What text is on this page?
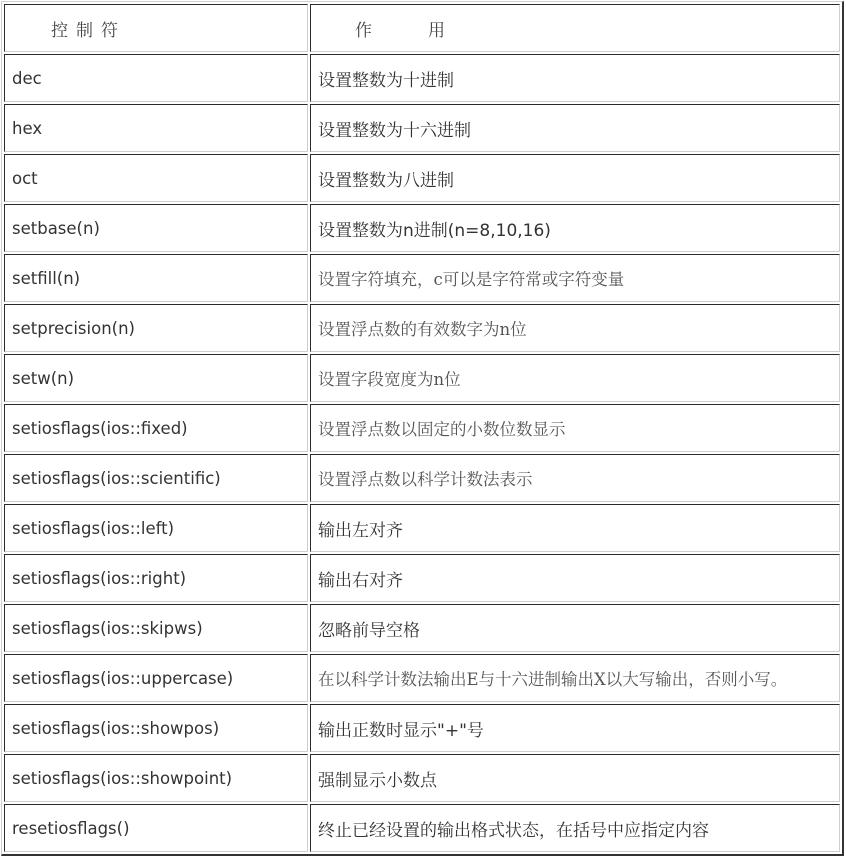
控制符	作 用
dec	设置整数为十进制
hex	设置整数为十六进制
oct	设置整数为八进制
setbase(n)	设置整数为n进制(n=8,10,16)
setfill(n)	设置字符填充，c可以是字符常或字符变量
setprecision(n)	设置浮点数的有效数字为n位
setw(n)	设置字段宽度为n位
setiosflags(ios::fixed)	设置浮点数以固定的小数位数显示
setiosflags(ios::scientific)	设置浮点数以科学计数法表示
setiosflags(ios::left)	输出左对齐
setiosflags(ios::right)	输出右对齐
setiosflags(ios::skipws)	忽略前导空格
setiosflags(ios::uppercase)	在以科学计数法输出E与十六进制输出X以大写输出，否则小写。
setiosflags(ios::showpos)	输出正数时显示"+"号
setiosflags(ios::showpoint)	强制显示小数点
resetiosflags()	终止已经设置的输出格式状态，在括号中应指定内容
